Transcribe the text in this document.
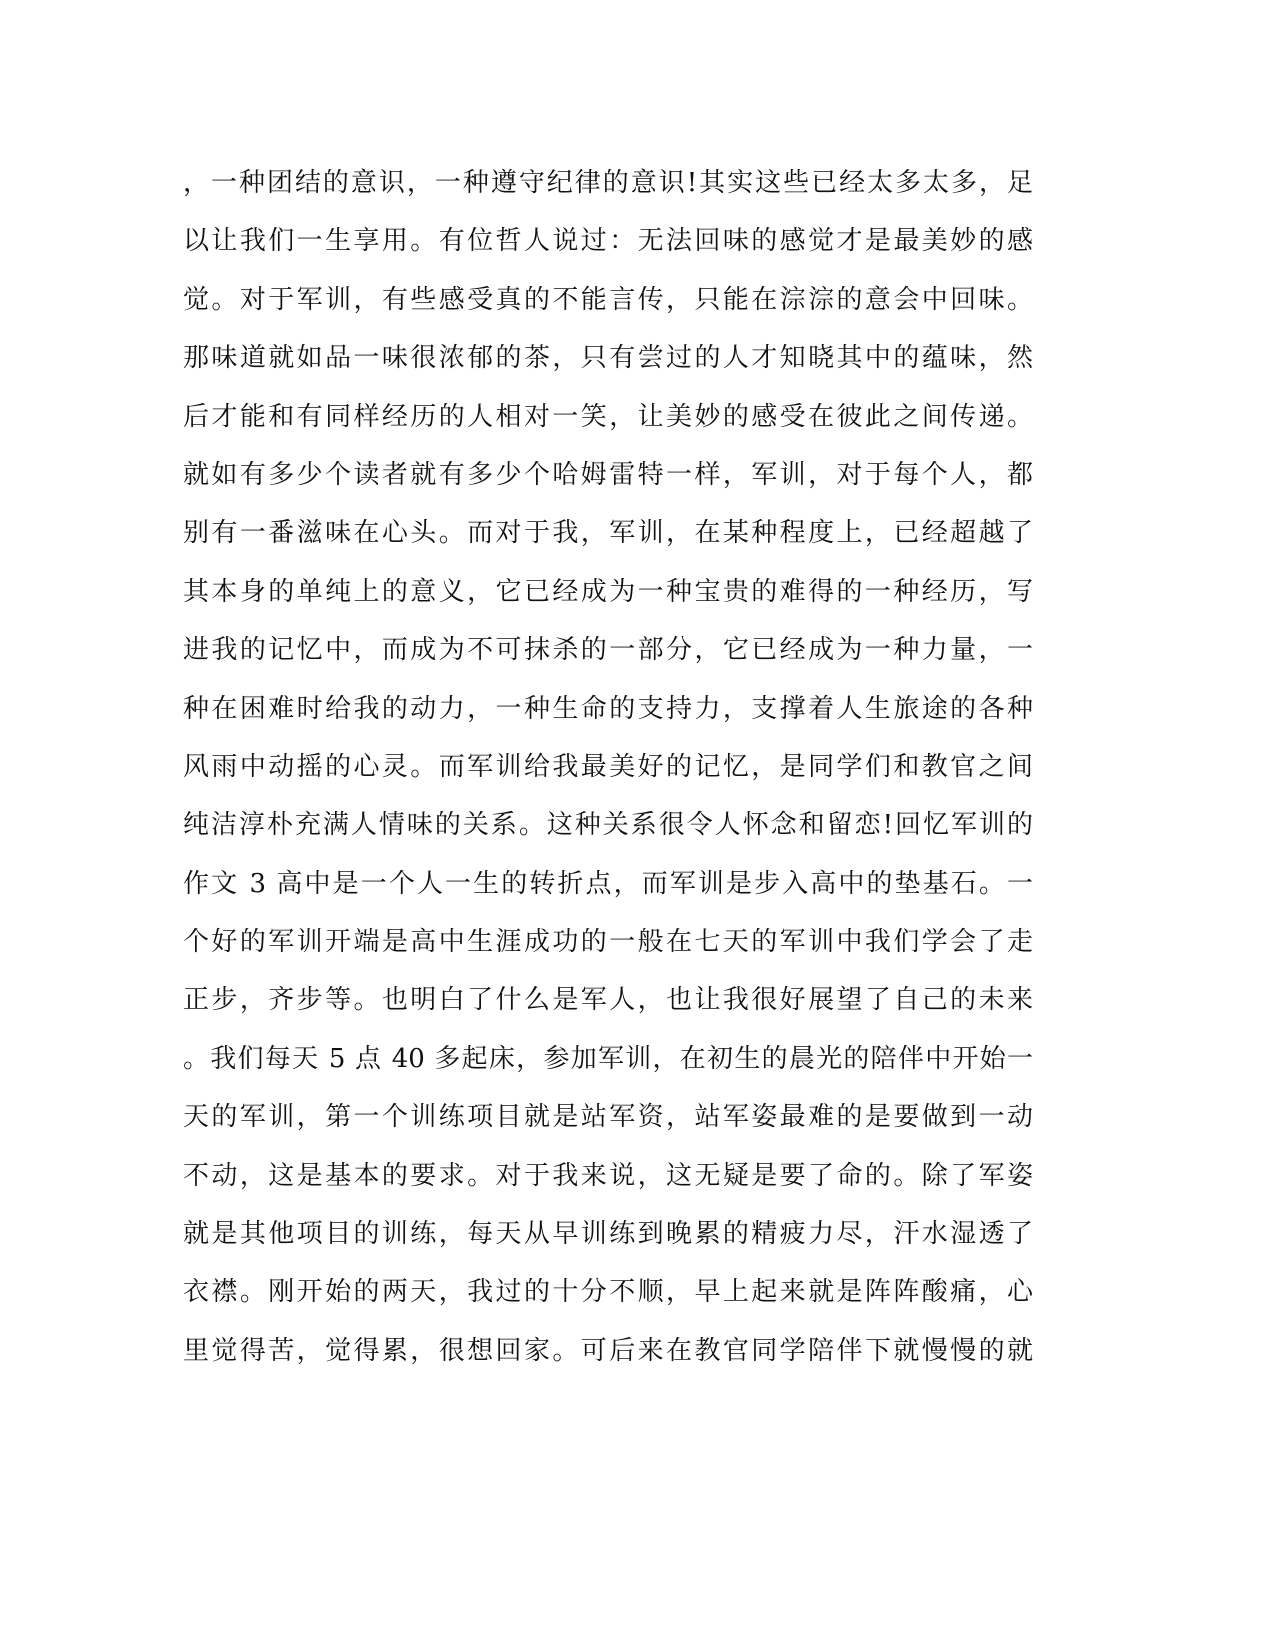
，一种团结的意识，一种遵守纪律的意识!其实这些已经太多太多，足
以让我们一生享用。有位哲人说过：无法回味的感觉才是最美妙的感
觉。对于军训，有些感受真的不能言传，只能在淙淙的意会中回味。
那味道就如品一味很浓郁的茶，只有尝过的人才知晓其中的蕴味，然
后才能和有同样经历的人相对一笑，让美妙的感受在彼此之间传递。
就如有多少个读者就有多少个哈姆雷特一样，军训，对于每个人，都
别有一番滋味在心头。而对于我，军训，在某种程度上，已经超越了
其本身的单纯上的意义，它已经成为一种宝贵的难得的一种经历，写
进我的记忆中，而成为不可抹杀的一部分，它已经成为一种力量，一
种在困难时给我的动力，一种生命的支持力，支撑着人生旅途的各种
风雨中动摇的心灵。而军训给我最美好的记忆，是同学们和教官之间
纯洁淳朴充满人情味的关系。这种关系很令人怀念和留恋!回忆军训的
作文 3 高中是一个人一生的转折点，而军训是步入高中的垫基石。一
个好的军训开端是高中生涯成功的一般在七天的军训中我们学会了走
正步，齐步等。也明白了什么是军人，也让我很好展望了自己的未来
。我们每天 5 点 40 多起床，参加军训，在初生的晨光的陪伴中开始一
天的军训，第一个训练项目就是站军资，站军姿最难的是要做到一动
不动，这是基本的要求。对于我来说，这无疑是要了命的。除了军姿
就是其他项目的训练，每天从早训练到晚累的精疲力尽，汗水湿透了
衣襟。刚开始的两天，我过的十分不顺，早上起来就是阵阵酸痛，心
里觉得苦，觉得累，很想回家。可后来在教官同学陪伴下就慢慢的就
